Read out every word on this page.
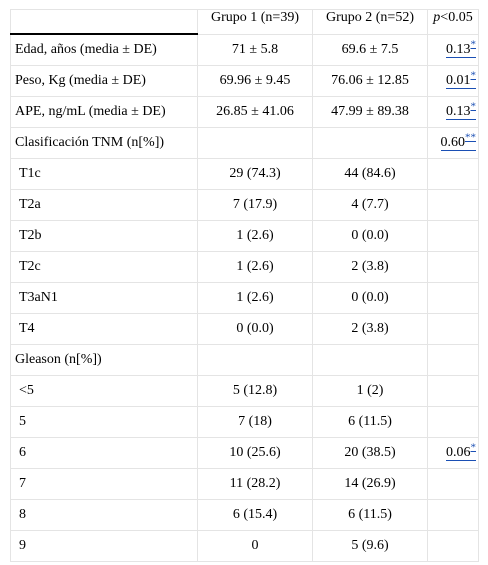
	Grupo 1 (n=39)	Grupo 2 (n=52)	p<0.05
Edad, años (media ± DE)	71 ± 5.8	69.6 ± 7.5	0.13*
Peso, Kg (media ± DE)	69.96 ± 9.45	76.06 ± 12.85	0.01*
APE, ng/mL (media ± DE)	26.85 ± 41.06	47.99 ± 89.38	0.13*
Clasificación TNM (n[%])			0.60**
T1c	29 (74.3)	44 (84.6)	
T2a	7 (17.9)	4 (7.7)	
T2b	1 (2.6)	0 (0.0)	
T2c	1 (2.6)	2 (3.8)	
T3aN1	1 (2.6)	0 (0.0)	
T4	0 (0.0)	2 (3.8)	
Gleason (n[%])			
<5	5 (12.8)	1 (2)	
5	7 (18)	6 (11.5)	
6	10 (25.6)	20 (38.5)	0.06*
7	11 (28.2)	14 (26.9)	
8	6 (15.4)	6 (11.5)	
9	0	5 (9.6)	
